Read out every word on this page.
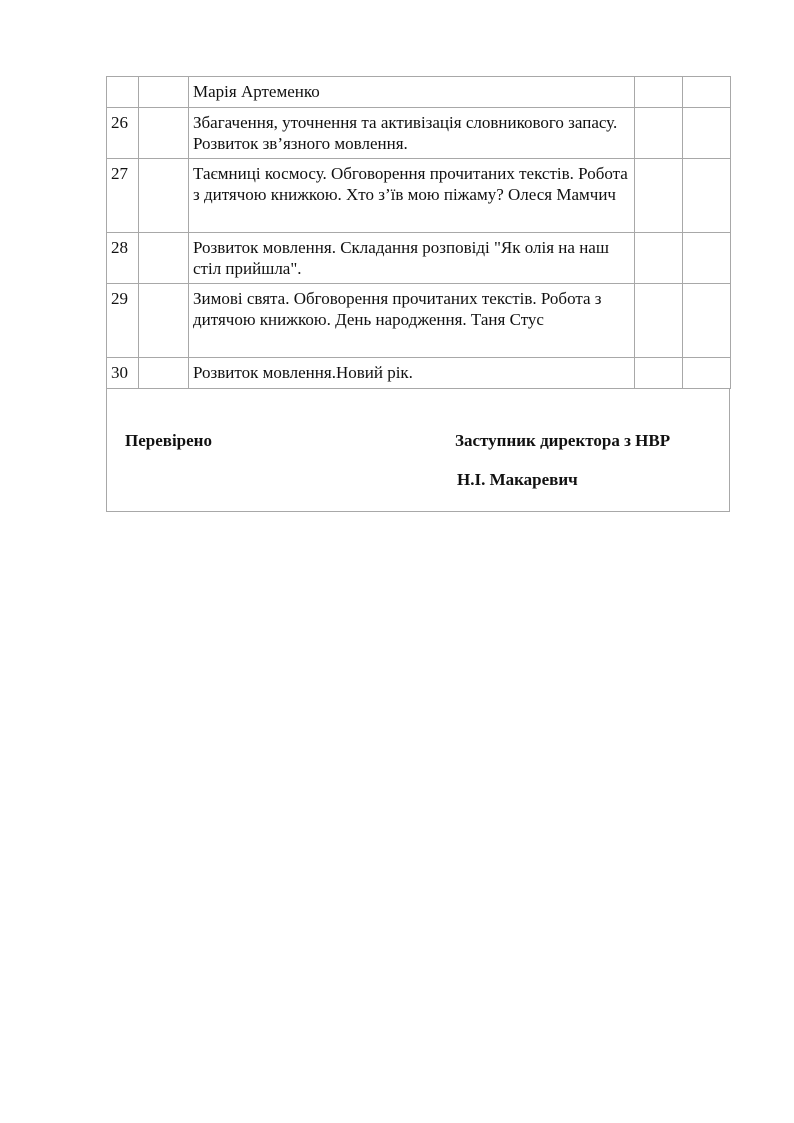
		Марія Артеменко		
26		Збагачення, уточнення та активізація словникового запасу. Розвиток зв’язного мовлення.		
27		Таємниці космосу. Обговорення прочитаних текстів. Робота з дитячою книжкою. Хто з’їв мою піжаму? Олеся Мамчич		
28		Розвиток мовлення. Складання розповіді "Як олія на наш стіл прийшла".		
29		Зимові свята. Обговорення прочитаних текстів. Робота з дитячою книжкою. День народження. Таня Стус		
30		Розвиток мовлення.Новий рік.		
Перевірено	Заступник директора з НВР
Н.І. Макаревич
